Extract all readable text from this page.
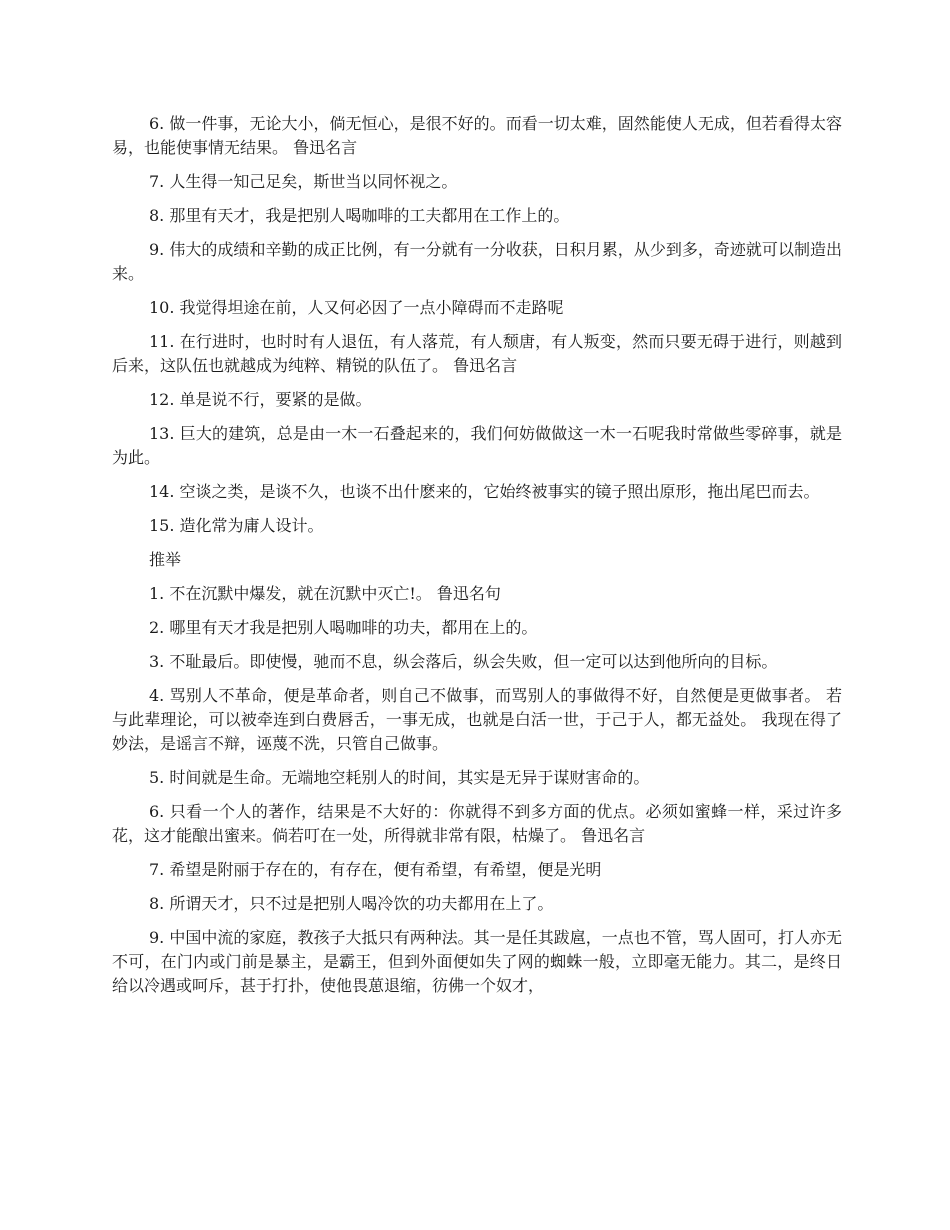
6. 做一件事，无论大小，倘无恒心，是很不好的。而看一切太难，固然能使人无成，但若看得太容易，也能使事情无结果。 鲁迅名言

7. 人生得一知己足矣，斯世当以同怀视之。

8. 那里有天才，我是把别人喝咖啡的工夫都用在工作上的。

9. 伟大的成绩和辛勤的成正比例，有一分就有一分收获，日积月累，从少到多，奇迹就可以制造出来。

10. 我觉得坦途在前，人又何必因了一点小障碍而不走路呢

11. 在行进时，也时时有人退伍，有人落荒，有人颓唐，有人叛变，然而只要无碍于进行，则越到后来，这队伍也就越成为纯粹、精锐的队伍了。 鲁迅名言

12. 单是说不行，要紧的是做。

13. 巨大的建筑，总是由一木一石叠起来的，我们何妨做做这一木一石呢我时常做些零碎事，就是为此。

14. 空谈之类，是谈不久，也谈不出什麽来的，它始终被事实的镜子照出原形，拖出尾巴而去。

15. 造化常为庸人设计。

推举

1. 不在沉默中爆发，就在沉默中灭亡!。 鲁迅名句

2. 哪里有天才我是把别人喝咖啡的功夫，都用在上的。

3. 不耻最后。即使慢，驰而不息，纵会落后，纵会失败，但一定可以达到他所向的目标。

4. 骂别人不革命，便是革命者，则自己不做事，而骂别人的事做得不好，自然便是更做事者。 若与此辈理论，可以被牵连到白费唇舌，一事无成，也就是白活一世，于己于人，都无益处。 我现在得了妙法，是谣言不辩，诬蔑不洗，只管自己做事。

5. 时间就是生命。无端地空耗别人的时间，其实是无异于谋财害命的。

6. 只看一个人的著作，结果是不大好的：你就得不到多方面的优点。必须如蜜蜂一样，采过许多花，这才能酿出蜜来。倘若叮在一处，所得就非常有限，枯燥了。 鲁迅名言

7. 希望是附丽于存在的，有存在，便有希望，有希望，便是光明

8. 所谓天才，只不过是把别人喝冷饮的功夫都用在上了。

9. 中国中流的家庭，教孩子大抵只有两种法。其一是任其跋扈，一点也不管，骂人固可，打人亦无不可，在门内或门前是暴主，是霸王，但到外面便如失了网的蜘蛛一般，立即毫无能力。其二，是终日给以冷遇或呵斥，甚于打扑，使他畏葸退缩，彷佛一个奴才，
